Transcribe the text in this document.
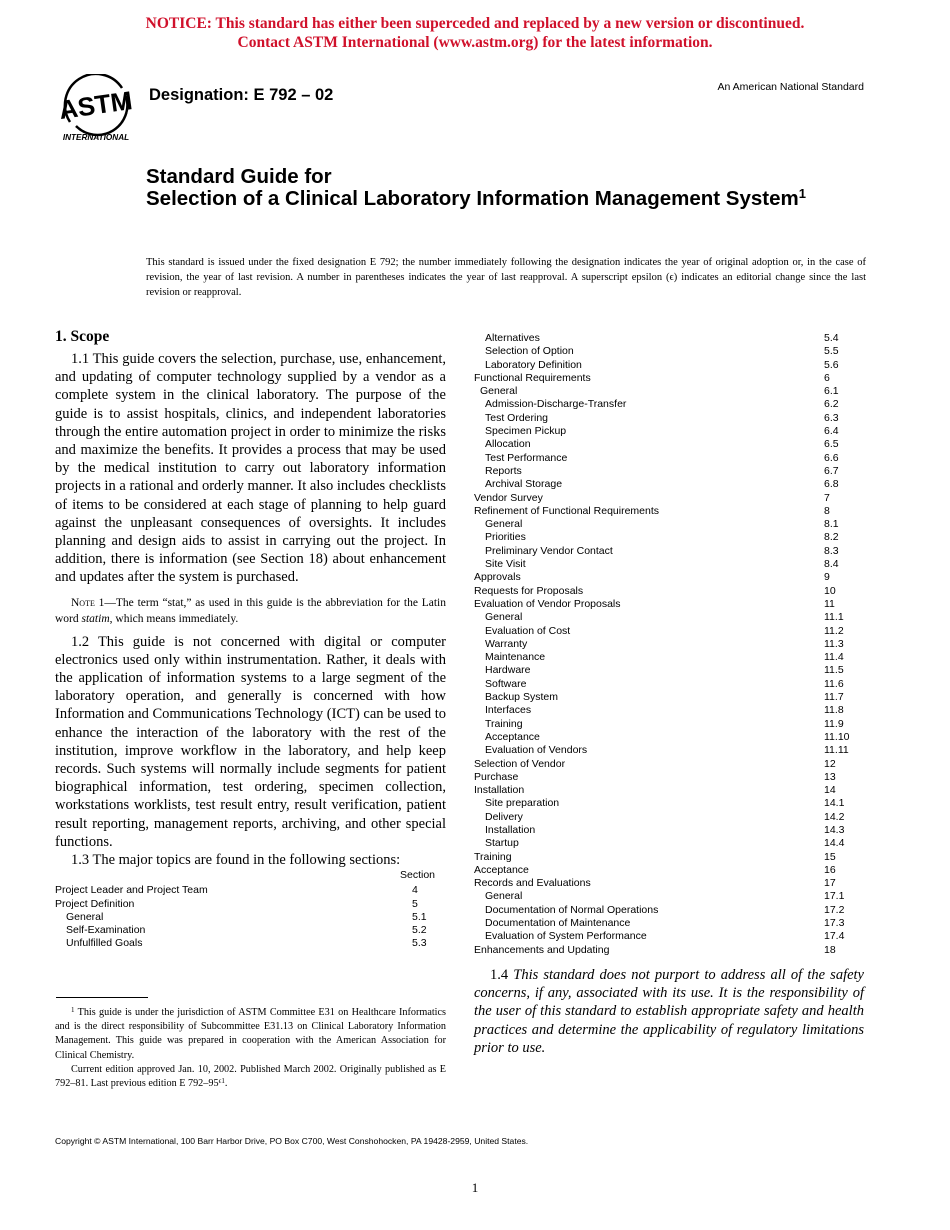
NOTICE: This standard has either been superceded and replaced by a new version or discontinued.
Contact ASTM International (www.astm.org) for the latest information.
ASTM
INTERNATIONAL
Designation: E 792 – 02	An American National Standard
Standard Guide for
Selection of a Clinical Laboratory Information Management System$^1$
This standard is issued under the fixed designation E 792; the number immediately following the designation indicates the year of original adoption or, in the case of revision, the year of last revision. A number in parentheses indicates the year of last reapproval. A superscript epsilon (ϵ) indicates an editorial change since the last revision or reapproval.
1. Scope

1.1 This guide covers the selection, purchase, use, enhancement, and updating of computer technology supplied by a vendor as a complete system in the clinical laboratory. The purpose of the guide is to assist hospitals, clinics, and independent laboratories through the entire automation project in order to minimize the risks and maximize the benefits. It provides a process that may be used by the medical institution to carry out laboratory information projects in a rational and orderly manner. It also includes checklists of items to be considered at each stage of planning to help guard against the unpleasant consequences of oversights. It includes planning and design aids to assist in carrying out the project. In addition, there is information (see Section 18) about enhancement and updates after the system is purchased.

Note 1—The term “stat,” as used in this guide is the abbreviation for the Latin word statim, which means immediately.

1.2 This guide is not concerned with digital or computer electronics used only within instrumentation. Rather, it deals with the application of information systems to a large segment of the laboratory operation, and generally is concerned with how Information and Communications Technology (ICT) can be used to enhance the interaction of the laboratory with the rest of the institution, improve workflow in the laboratory, and help keep records. Such systems will normally include segments for patient biographical information, test ordering, specimen collection, workstations worklists, test result entry, result verification, patient result reporting, management reports, archiving, and other special functions.

1.3 The major topics are found in the following sections:

Section
Project Leader and Project Team	4
Project Definition	5
General	5.1
Self-Examination	5.2
Unfulfilled Goals	5.3
Alternatives	5.4
Selection of Option	5.5
Laboratory Definition	5.6
Functional Requirements	6
General	6.1
Admission-Discharge-Transfer	6.2
Test Ordering	6.3
Specimen Pickup	6.4
Allocation	6.5
Test Performance	6.6
Reports	6.7
Archival Storage	6.8
Vendor Survey	7
Refinement of Functional Requirements	8
General	8.1
Priorities	8.2
Preliminary Vendor Contact	8.3
Site Visit	8.4
Approvals	9
Requests for Proposals	10
Evaluation of Vendor Proposals	11
General	11.1
Evaluation of Cost	11.2
Warranty	11.3
Maintenance	11.4
Hardware	11.5
Software	11.6
Backup System	11.7
Interfaces	11.8
Training	11.9
Acceptance	11.10
Evaluation of Vendors	11.11
Selection of Vendor	12
Purchase	13
Installation	14
Site preparation	14.1
Delivery	14.2
Installation	14.3
Startup	14.4
Training	15
Acceptance	16
Records and Evaluations	17
General	17.1
Documentation of Normal Operations	17.2
Documentation of Maintenance	17.3
Evaluation of System Performance	17.4
Enhancements and Updating	18

1.4 This standard does not purport to address all of the safety concerns, if any, associated with its use. It is the responsibility of the user of this standard to establish appropriate safety and health practices and determine the applicability of regulatory limitations prior to use.

$^1$ This guide is under the jurisdiction of ASTM Committee E31 on Healthcare Informatics and is the direct responsibility of Subcommittee E31.13 on Clinical Laboratory Information Management. This guide was prepared in cooperation with the American Association for Clinical Chemistry.

Current edition approved Jan. 10, 2002. Published March 2002. Originally published as E 792–81. Last previous edition E $792-95^{\epsilon 1}$.

Copyright © ASTM International, 100 Barr Harbor Drive, PO Box C700, West Conshohocken, PA 19428-2959, United States.
1
